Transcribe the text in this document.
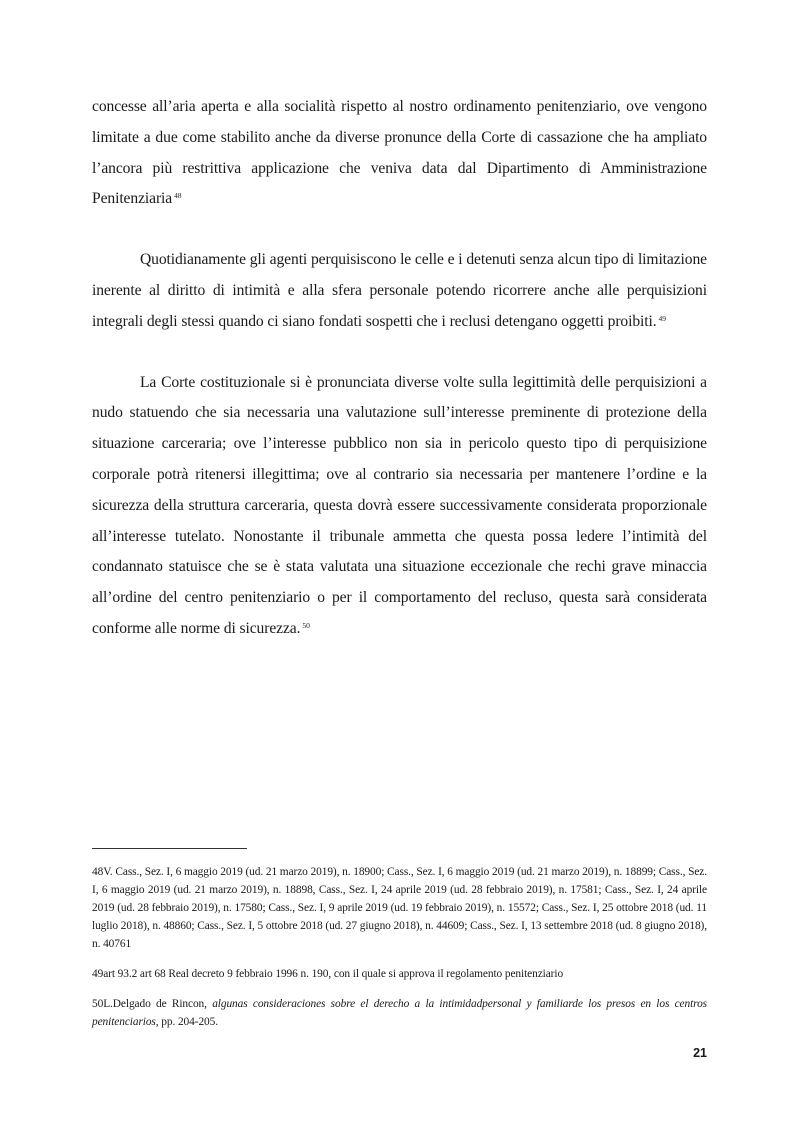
concesse all’aria aperta e alla socialità rispetto al nostro ordinamento penitenziario, ove vengono limitate a due come stabilito anche da diverse pronunce della Corte di cassazione che ha ampliato l’ancora più restrittiva applicazione che veniva data dal Dipartimento di Amministrazione Penitenziaria $^{48}$

Quotidianamente gli agenti perquisiscono le celle e i detenuti senza alcun tipo di limitazione inerente al diritto di intimità e alla sfera personale potendo ricorrere anche alle perquisizioni integrali degli stessi quando ci siano fondati sospetti che i reclusi detengano oggetti proibiti. $^{49}$

La Corte costituzionale si è pronunciata diverse volte sulla legittimità delle perquisizioni a nudo statuendo che sia necessaria una valutazione sull’interesse preminente di protezione della situazione carceraria; ove l’interesse pubblico non sia in pericolo questo tipo di perquisizione corporale potrà ritenersi illegittima; ove al contrario sia necessaria per mantenere l’ordine e la sicurezza della struttura carceraria, questa dovrà essere successivamente considerata proporzionale all’interesse tutelato. Nonostante il tribunale ammetta che questa possa ledere l’intimità del condannato statuisce che se è stata valutata una situazione eccezionale che rechi grave minaccia all’ordine del centro penitenziario o per il comportamento del recluso, questa sarà considerata conforme alle norme di sicurezza. $^{50}$

48V. Cass., Sez. I, 6 maggio 2019 (ud. 21 marzo 2019), n. 18900; Cass., Sez. I, 6 maggio 2019 (ud. 21 marzo 2019), n. 18899; Cass., Sez. I, 6 maggio 2019 (ud. 21 marzo 2019), n. 18898, Cass., Sez. I, 24 aprile 2019 (ud. 28 febbraio 2019), n. 17581; Cass., Sez. I, 24 aprile 2019 (ud. 28 febbraio 2019), n. 17580; Cass., Sez. I, 9 aprile 2019 (ud. 19 febbraio 2019), n. 15572; Cass., Sez. I, 25 ottobre 2018 (ud. 11 luglio 2018), n. 48860; Cass., Sez. I, 5 ottobre 2018 (ud. 27 giugno 2018), n. 44609; Cass., Sez. I, 13 settembre 2018 (ud. 8 giugno 2018), n. 40761

49art 93.2 art 68 Real decreto 9 febbraio 1996 n. 190, con il quale si approva il regolamento penitenziario

50L.Delgado de Rincon, algunas consideraciones sobre el derecho a la intimidadpersonal y familiarde los presos en los centros penitenciarios, pp. 204-205.

21
